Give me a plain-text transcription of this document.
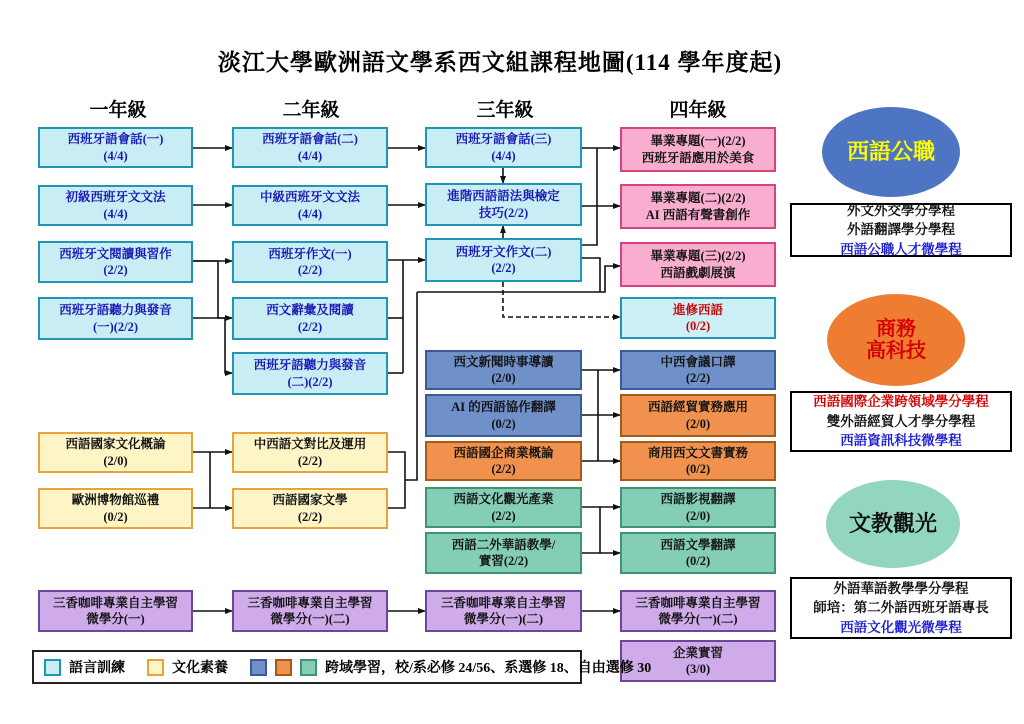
淡江大學歐洲語文學系西文組課程地圖(114 學年度起)
一年級	二年級	三年級	四年級
西班牙語會話(一)
(4/4)
初級西班牙文文法
(4/4)
西班牙文閱讀與習作
(2/2)
西班牙語聽力與發音
(一)(2/2)
西語國家文化概論
(2/0)
歐洲博物館巡禮
(0/2)
三香咖啡專業自主學習
微學分(一)
西班牙語會話(二)
(4/4)
中級西班牙文文法
(4/4)
西班牙作文(一)
(2/2)
西文辭彙及閱讀
(2/2)
西班牙語聽力與發音
(二)(2/2)
中西語文對比及運用
(2/2)
西語國家文學
(2/2)
三香咖啡專業自主學習
微學分(一)(二)
西班牙語會話(三)
(4/4)
進階西語語法與檢定
技巧(2/2)
西班牙文作文(二)
(2/2)
西文新聞時事導讀
(2/0)
AI 的西語協作翻譯
(0/2)
西語國企商業概論
(2/2)
西語文化觀光產業
(2/2)
西語二外華語教學/
實習(2/2)
三香咖啡專業自主學習
微學分(一)(二)
畢業專題(一)(2/2)
西班牙語應用於美食
畢業專題(二)(2/2)
AI 西語有聲書創作
畢業專題(三)(2/2)
西語戲劇展演
進修西語
(0/2)
中西會議口譯
(2/2)
西語經貿實務應用
(2/0)
商用西文文書實務
(0/2)
西語影視翻譯
(2/0)
西語文學翻譯
(0/2)
三香咖啡專業自主學習
微學分(一)(二)
企業實習
(3/0)
西語公職
外文外交學分學程
外語翻譯學分學程
西語公職人才微學程
商務
高科技
西語國際企業跨領域學分學程
雙外語經貿人才學分學程
西語資訊科技微學程
文教觀光
外語華語教學學分學程
師培：第二外語西班牙語專長
西語文化觀光微學程
語言訓練	文化素養	跨域學習，校/系必修 24/56、系選修 18、自由選修 30
